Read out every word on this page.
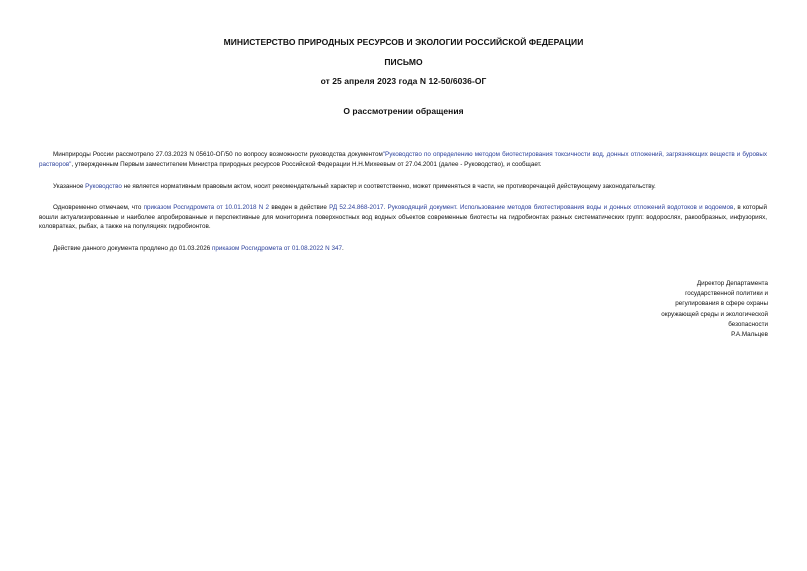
МИНИСТЕРСТВО ПРИРОДНЫХ РЕСУРСОВ И ЭКОЛОГИИ РОССИЙСКОЙ ФЕДЕРАЦИИ
ПИСЬМО
от 25 апреля 2023 года N 12-50/6036-ОГ
О рассмотрении обращения

Минприроды России рассмотрело 27.03.2023 N 05610-ОГ/50 по вопросу возможности руководства документом"Руководство по определению методом биотестирования токсичности вод, донных отложений, загрязняющих веществ и буровых растворов", утвержденным Первым заместителем Министра природных ресурсов Российской Федерации Н.Н.Михеевым от 27.04.2001 (далее - Руководство), и сообщает.

Указанное Руководство не является нормативным правовым актом, носит рекомендательный характер и соответственно, может применяться в части, не противоречащей действующему законодательству.

Одновременно отмечаем, что приказом Росгидромета от 10.01.2018 N 2 введен в действие РД 52.24.868-2017. Руководящий документ. Использование методов биотестирования воды и донных отложений водотоков и водоемов, в который вошли актуализированные и наиболее апробированные и перспективные для мониторинга поверхностных вод водных объектов современные биотесты на гидробионтах разных систематических групп: водорослях, ракообразных, инфузориях, коловратках, рыбах, а также на популяциях гидробионтов.

Действие данного документа продлено до 01.03.2026 приказом Росгидромета от 01.08.2022 N 347.

Директор Департамента
государственной политики и
регулирования в сфере охраны
окружающей среды и экологической
безопасности
Р.А.Мальцев
